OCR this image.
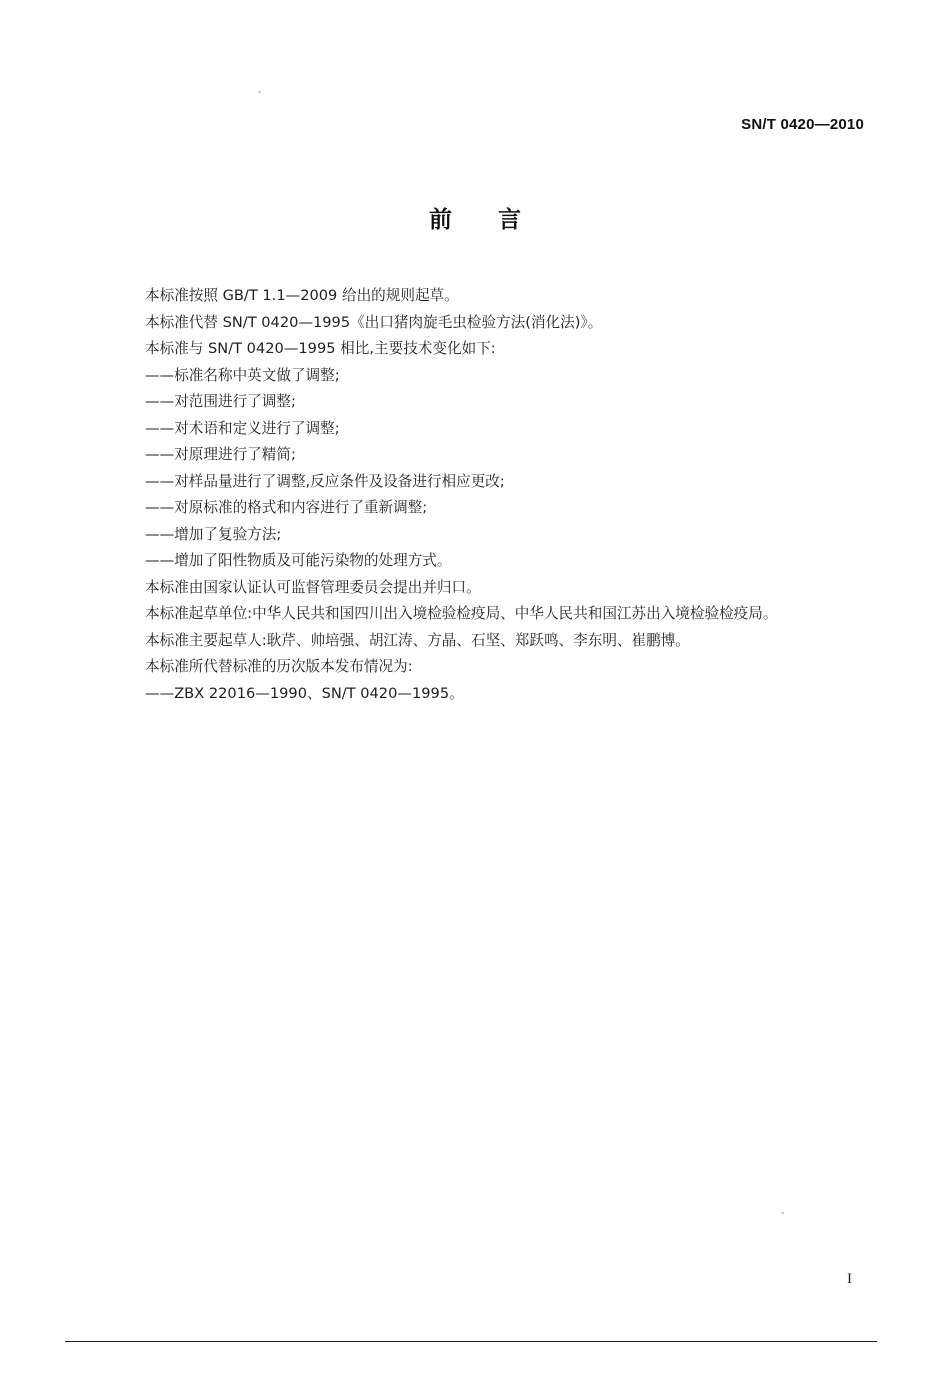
SN/T 0420—2010
前言

本标准按照 GB/T 1.1—2009 给出的规则起草。

本标准代替 SN/T 0420—1995《出口猪肉旋毛虫检验方法(消化法)》。

本标准与 SN/T 0420—1995 相比,主要技术变化如下:

——标准名称中英文做了调整;

——对范围进行了调整;

——对术语和定义进行了调整;

——对原理进行了精简;

——对样品量进行了调整,反应条件及设备进行相应更改;

——对原标准的格式和内容进行了重新调整;

——增加了复验方法;

——增加了阳性物质及可能污染物的处理方式。

本标准由国家认证认可监督管理委员会提出并归口。

本标准起草单位:中华人民共和国四川出入境检验检疫局、中华人民共和国江苏出入境检验检疫局。

本标准主要起草人:耿芹、帅培强、胡江涛、方晶、石坚、郑跃鸣、李东明、崔鹏博。

本标准所代替标准的历次版本发布情况为:

——ZBX 22016—1990、SN/T 0420—1995。

I
